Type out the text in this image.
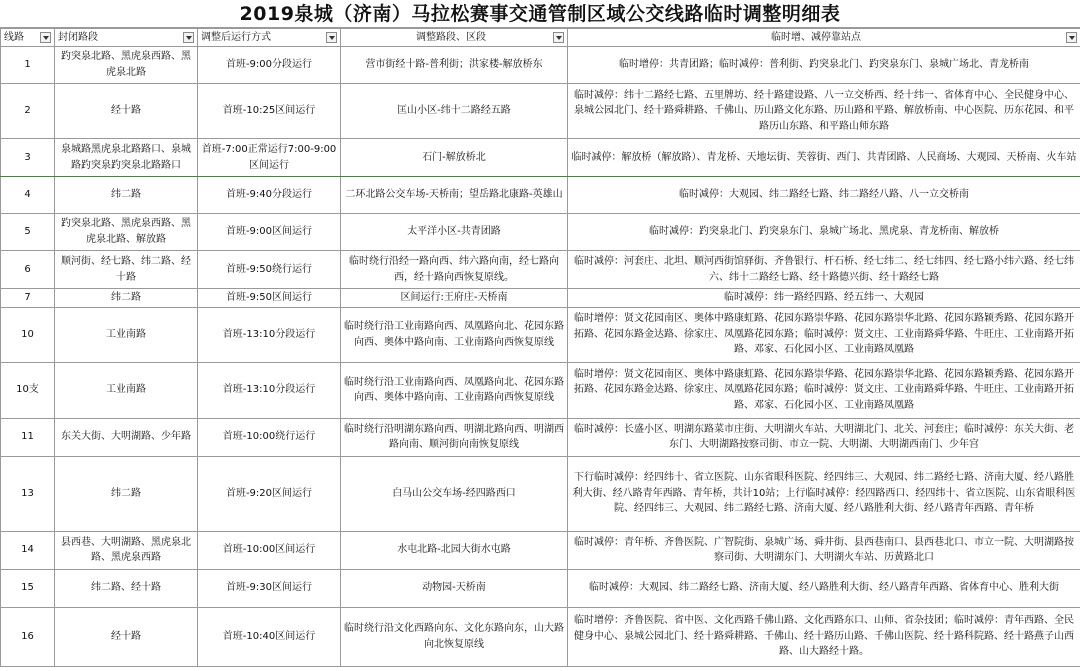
2019泉城（济南）马拉松赛事交通管制区域公交线路临时调整明细表
线路	封闭路段	调整后运行方式	调整路段、区段	临时增、减停靠站点

1	趵突泉北路、黑虎泉西路、黑虎泉北路	首班-9:00分段运行	营市街经十路-普利街；洪家楼-解放桥东	临时增停：共青团路；临时减停：普利街、趵突泉北门、趵突泉东门、泉城广场北、青龙桥南
2	经十路	首班-10:25区间运行	匡山小区-纬十二路经五路	临时减停：纬十二路经七路、五里牌坊、经十路建设路、八一立交桥西、经十纬一、省体育中心、全民健身中心、泉城公园北门、经十路舜耕路、千佛山、历山路文化东路、历山路和平路、解放桥南、中心医院、历东花园、和平路历山东路、和平路山师东路
3	泉城路黑虎泉北路路口、泉城路趵突泉趵突泉北路路口	首班-7:00正常运行7:00-9:00区间运行	石门-解放桥北	临时减停：解放桥（解放路）、青龙桥、天地坛街、芙蓉街、西门、共青团路、人民商场、大观园、天桥南、火车站
4	纬二路	首班-9:40分段运行	二环北路公交车场-天桥南；望岳路北康路-英雄山	临时减停：大观园、纬二路经七路、纬二路经八路、八一立交桥南
5	趵突泉北路、黑虎泉西路、黑虎泉北路、解放路	首班-9:00区间运行	太平洋小区-共青团路	临时减停：趵突泉北门、趵突泉东门、泉城广场北、黑虎泉、青龙桥南、解放桥
6	顺河街、经七路、纬二路、经十路	首班-9:50绕行运行	临时绕行沿经一路向西、纬六路向南，经七路向西，经十路向西恢复原线。	临时减停：河套庄、北坦、顺河西街馆驿街、齐鲁银行、杆石桥、经七纬二、经七纬四、经七路小纬六路、经七纬六、纬十二路经七路、经十路德兴街、经十路经七路
7	纬二路	首班-9:50区间运行	区间运行:王府庄-天桥南	临时减停：纬一路经四路、经五纬一、大观园
10	工业南路	首班-13:10分段运行	临时绕行沿工业南路向西、凤凰路向北、花园东路向西、奥体中路向南、工业南路向西恢复原线	临时增停：贤文花园南区、奥体中路康虹路、花园东路崇华路、花园东路崇华北路、花园东路颖秀路、花园东路开拓路、花园东路金达路、徐家庄、凤凰路花园东路；临时减停：贤文庄、工业南路舜华路、牛旺庄、工业南路开拓路、邓家、石化园小区、工业南路凤凰路
10支	工业南路	首班-13:10分段运行	临时绕行沿工业南路向西、凤凰路向北、花园东路向西、奥体中路向南、工业南路向西恢复原线	临时增停：贤文花园南区、奥体中路康虹路、花园东路崇华路、花园东路崇华北路、花园东路颖秀路、花园东路开拓路、花园东路金达路、徐家庄、凤凰路花园东路；临时减停：贤文庄、工业南路舜华路、牛旺庄、工业南路开拓路、邓家、石化园小区、工业南路凤凰路
11	东关大街、大明湖路、少年路	首班-10:00绕行运行	临时绕行沿明湖东路向西、明湖北路向西、明湖西路向南、顺河街向南恢复原线	临时减停：长盛小区、明湖东路菜市庄街、大明湖火车站、大明湖北门、北关、河套庄；临时减停：东关大街、老东门、大明湖路按察司街、市立一院、大明湖、大明湖西南门、少年宫
13	纬二路	首班-9:20区间运行	白马山公交车场-经四路西口	下行临时减停：经四纬十、省立医院、山东省眼科医院、经四纬三、大观园、纬二路经七路、济南大厦、经八路胜利大街、经八路青年西路、青年桥，共计10站；上行临时减停：经四路西口、经四纬十、省立医院、山东省眼科医院、经四纬三、大观园、纬二路经七路、济南大厦、经八路胜利大街、经八路青年西路、青年桥
14	县西巷、大明湖路、黑虎泉北路、黑虎泉西路	首班-10:00区间运行	水屯北路-北园大街水屯路	临时减停：青年桥、齐鲁医院、广智院街、泉城广场、舜井街、县西巷南口、县西巷北口、市立一院、大明湖路按察司街、大明湖东门、大明湖火车站、历黄路北口
15	纬二路、经十路	首班-9:30区间运行	动物园-天桥南	临时减停：大观园、纬二路经七路、济南大厦、经八路胜利大街、经八路青年西路、省体育中心、胜利大街
16	经十路	首班-10:40区间运行	临时绕行沿文化西路向东、文化东路向东，山大路向北恢复原线	临时增停：齐鲁医院、省中医、文化西路千佛山路、文化西路东口、山师、省杂技团；临时减停：青年西路、全民健身中心、泉城公园北门、经十路舜耕路、千佛山、经十路历山路、千佛山医院、经十路科院路、经十路燕子山西路、山大路经十路。
